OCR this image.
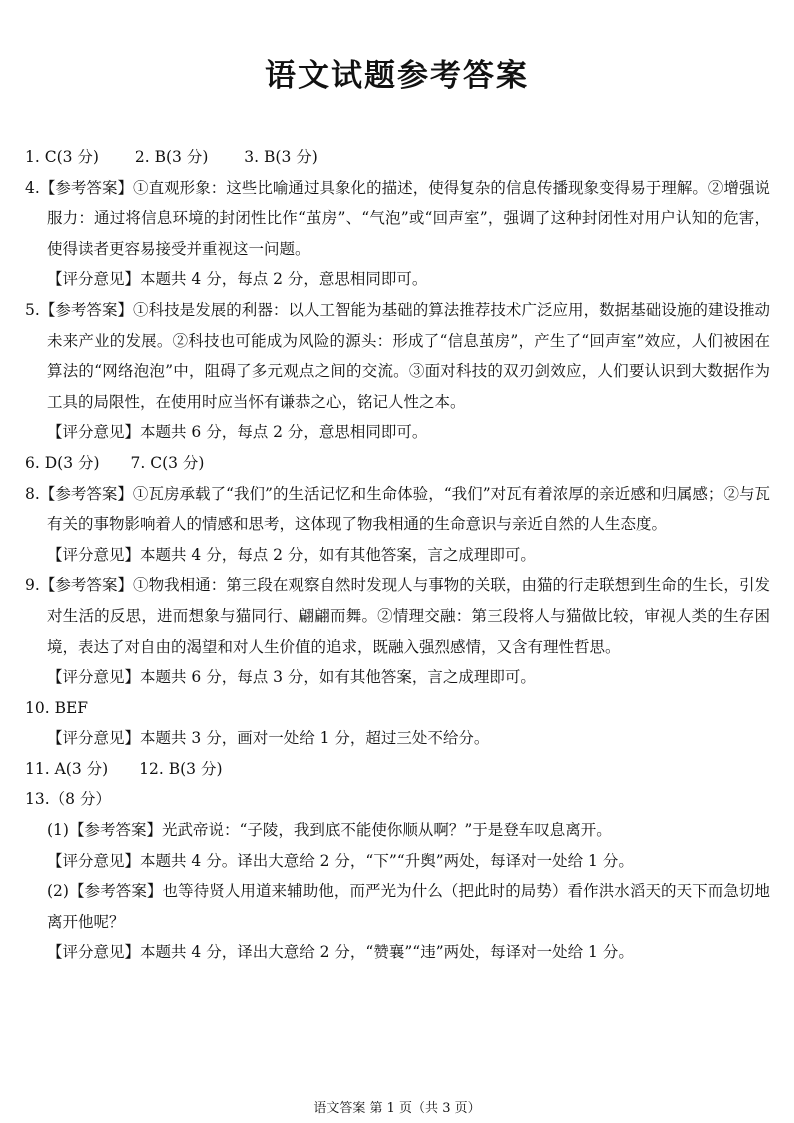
语文试题参考答案

1. C(3 分)　　 2. B(3 分)　　 3. B(3 分)

4.【参考答案】①直观形象：这些比喻通过具象化的描述，使得复杂的信息传播现象变得易于理解。②增强说服力：通过将信息环境的封闭性比作“茧房”、“气泡”或“回声室”，强调了这种封闭性对用户认知的危害，使得读者更容易接受并重视这一问题。

【评分意见】本题共 4 分，每点 2 分，意思相同即可。

5.【参考答案】①科技是发展的利器：以人工智能为基础的算法推荐技术广泛应用，数据基础设施的建设推动未来产业的发展。②科技也可能成为风险的源头：形成了“信息茧房”，产生了“回声室”效应，人们被困在算法的“网络泡泡”中，阻碍了多元观点之间的交流。③面对科技的双刃剑效应，人们要认识到大数据作为工具的局限性，在使用时应当怀有谦恭之心，铭记人性之本。

【评分意见】本题共 6 分，每点 2 分，意思相同即可。

6. D(3 分)　　7. C(3 分)

8.【参考答案】①瓦房承载了“我们”的生活记忆和生命体验，“我们”对瓦有着浓厚的亲近感和归属感；②与瓦有关的事物影响着人的情感和思考，这体现了物我相通的生命意识与亲近自然的人生态度。

【评分意见】本题共 4 分，每点 2 分，如有其他答案，言之成理即可。

9.【参考答案】①物我相通：第三段在观察自然时发现人与事物的关联，由猫的行走联想到生命的生长，引发对生活的反思，进而想象与猫同行、翩翩而舞。②情理交融：第三段将人与猫做比较，审视人类的生存困境，表达了对自由的渴望和对人生价值的追求，既融入强烈感情，又含有理性哲思。

【评分意见】本题共 6 分，每点 3 分，如有其他答案，言之成理即可。

10. BEF

【评分意见】本题共 3 分，画对一处给 1 分，超过三处不给分。

11. A(3 分)　　12. B(3 分)

13.（8 分）

(1)【参考答案】光武帝说：“子陵，我到底不能使你顺从啊？”于是登车叹息离开。

【评分意见】本题共 4 分。译出大意给 2 分，“下”“升舆”两处，每译对一处给 1 分。

(2)【参考答案】也等待贤人用道来辅助他，而严光为什么（把此时的局势）看作洪水滔天的天下而急切地离开他呢？

【评分意见】本题共 4 分，译出大意给 2 分，“赞襄”“违”两处，每译对一处给 1 分。

语文答案 第 1 页（共 3 页）
